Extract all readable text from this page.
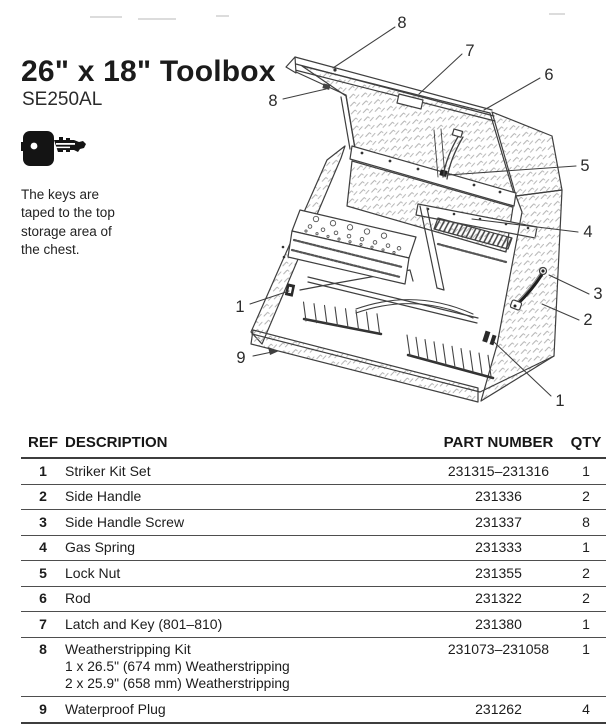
26" x 18" Toolbox
SE250AL

The keys are taped to the top storage area of the chest.

8
7
6
8
5
4
3
2
1
9
1
REF	DESCRIPTION	PART NUMBER	QTY
1	Striker Kit Set	231315–231316	1
2	Side Handle	231336	2
3	Side Handle Screw	231337	8
4	Gas Spring	231333	1
5	Lock Nut	231355	2
6	Rod	231322	2
7	Latch and Key (801–810)	231380	1
8	Weatherstripping Kit
1 x 26.5" (674 mm) Weatherstripping
2 x 25.9" (658 mm) Weatherstripping	231073–231058	1
9	Waterproof Plug	231262	4
